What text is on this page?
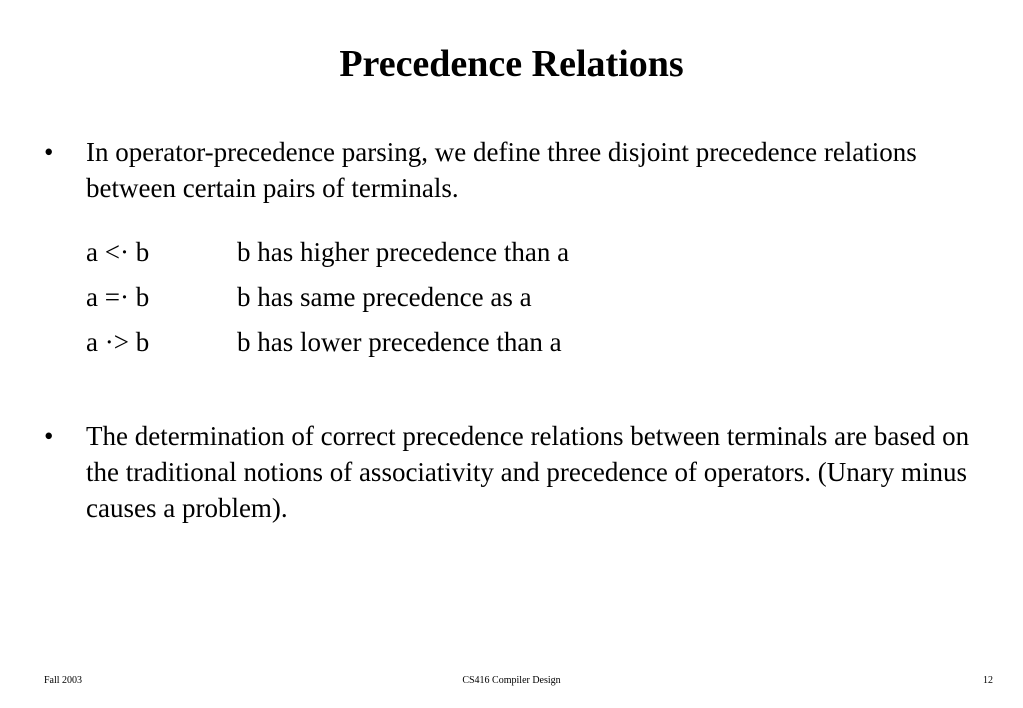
Precedence Relations
•	In operator-precedence parsing, we define three disjoint precedence relations between certain pairs of terminals.
a <· b	b has higher precedence than a
a =· b	b has same precedence as a
a ·> b	b has lower precedence than a
•	The determination of correct precedence relations between terminals are based on the traditional notions of associativity and precedence of operators. (Unary minus causes a problem).
CS416 Compiler Design
Fall 2003	12
